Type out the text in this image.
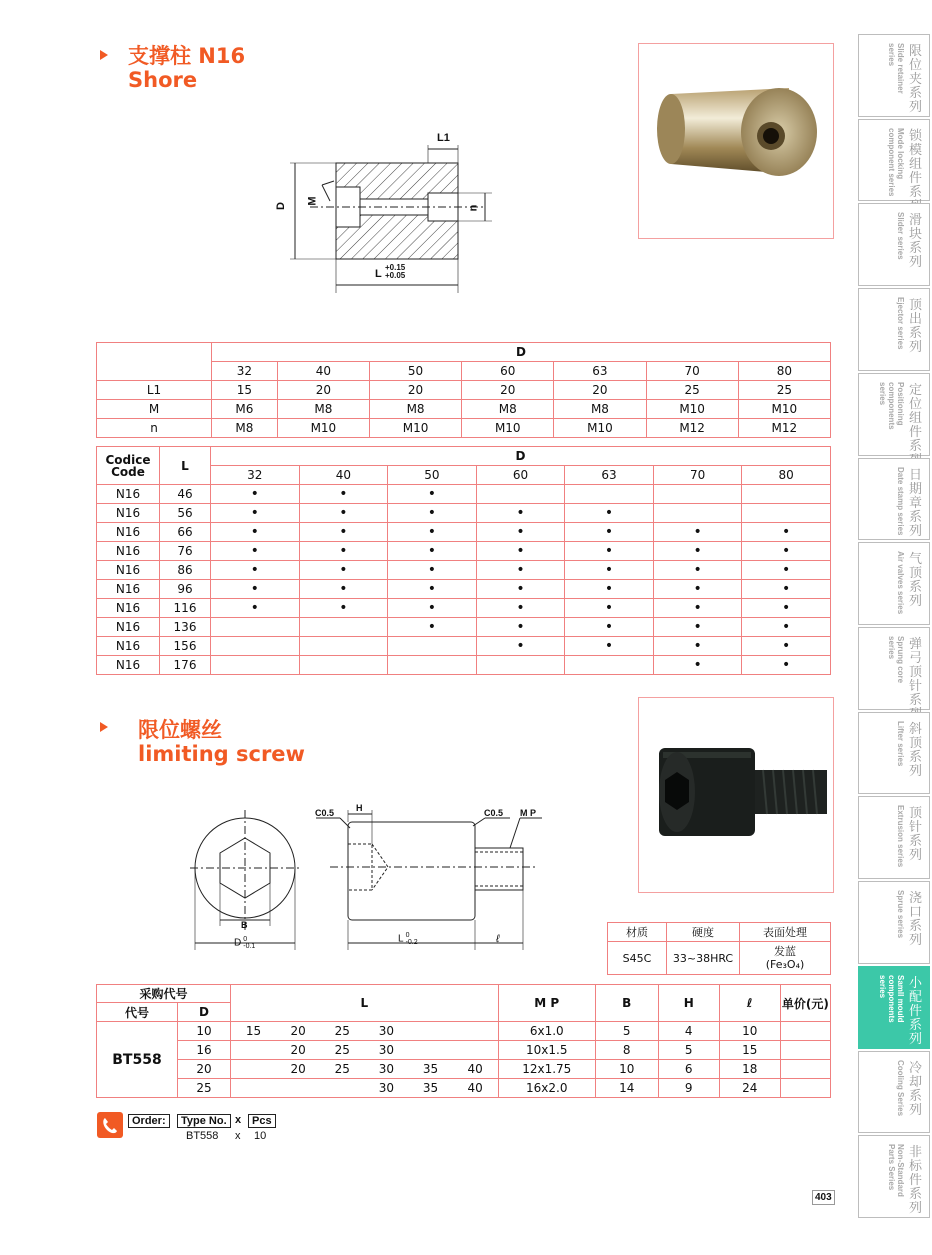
支撑柱 N16
Shore
L1
D
M
n
L
+0.15
+0.05
	D						
	32	40	50	60	63	70	80
L1	15	20	20	20	20	25	25
M	M6	M8	M8	M8	M8	M10	M10
n	M8	M10	M10	M10	M10	M12	M12
Codice
Code	L	D						
		32	40	50	60	63	70	80
N16	46	•	•	•				
N16	56	•	•	•	•	•		
N16	66	•	•	•	•	•	•	•
N16	76	•	•	•	•	•	•	•
N16	86	•	•	•	•	•	•	•
N16	96	•	•	•	•	•	•	•
N16	116	•	•	•	•	•	•	•
N16	136			•	•	•	•	•
N16	156				•	•	•	•
N16	176						•	•
限位螺丝
limiting screw
C0.5 H	C0.5 M P
B
D 0
-0.1
L 0
-0.2	ℓ	材质	硬度	表面处理
S45C	33~38HRC	发蓝
(Fe₃O₄)
采购代号		L						M P	B	H	ℓ	单价(元)
代号	D											
BT558	10	15	20	25	30			6x1.0	5	4	10	
	16		20	25	30			10x1.5	8	5	15	
	20		20	25	30	35	40	12x1.75	10	6	18	
	25				30	35	40	16x2.0	14	9	24	
Order:	Type No. x Pcs
BT558 x 10
403
限位夹系列
Slide retainer series
锁模组件系
Mode locking component series
滑块系列
Slider series
顶出系列
Ejector series
定位组件系
Positioning components series
日期章系列
Date stamp series
气顶系列
Air valves series
弹弓顶针系
Sprung core series
斜顶系列
Lifter series
顶针系列
Extrusion series
浇口系列
Sprue series
小配件系列
Samll mould components series
冷却系列
Cooling Series
非标件系列
Non-Standard Parts Series
